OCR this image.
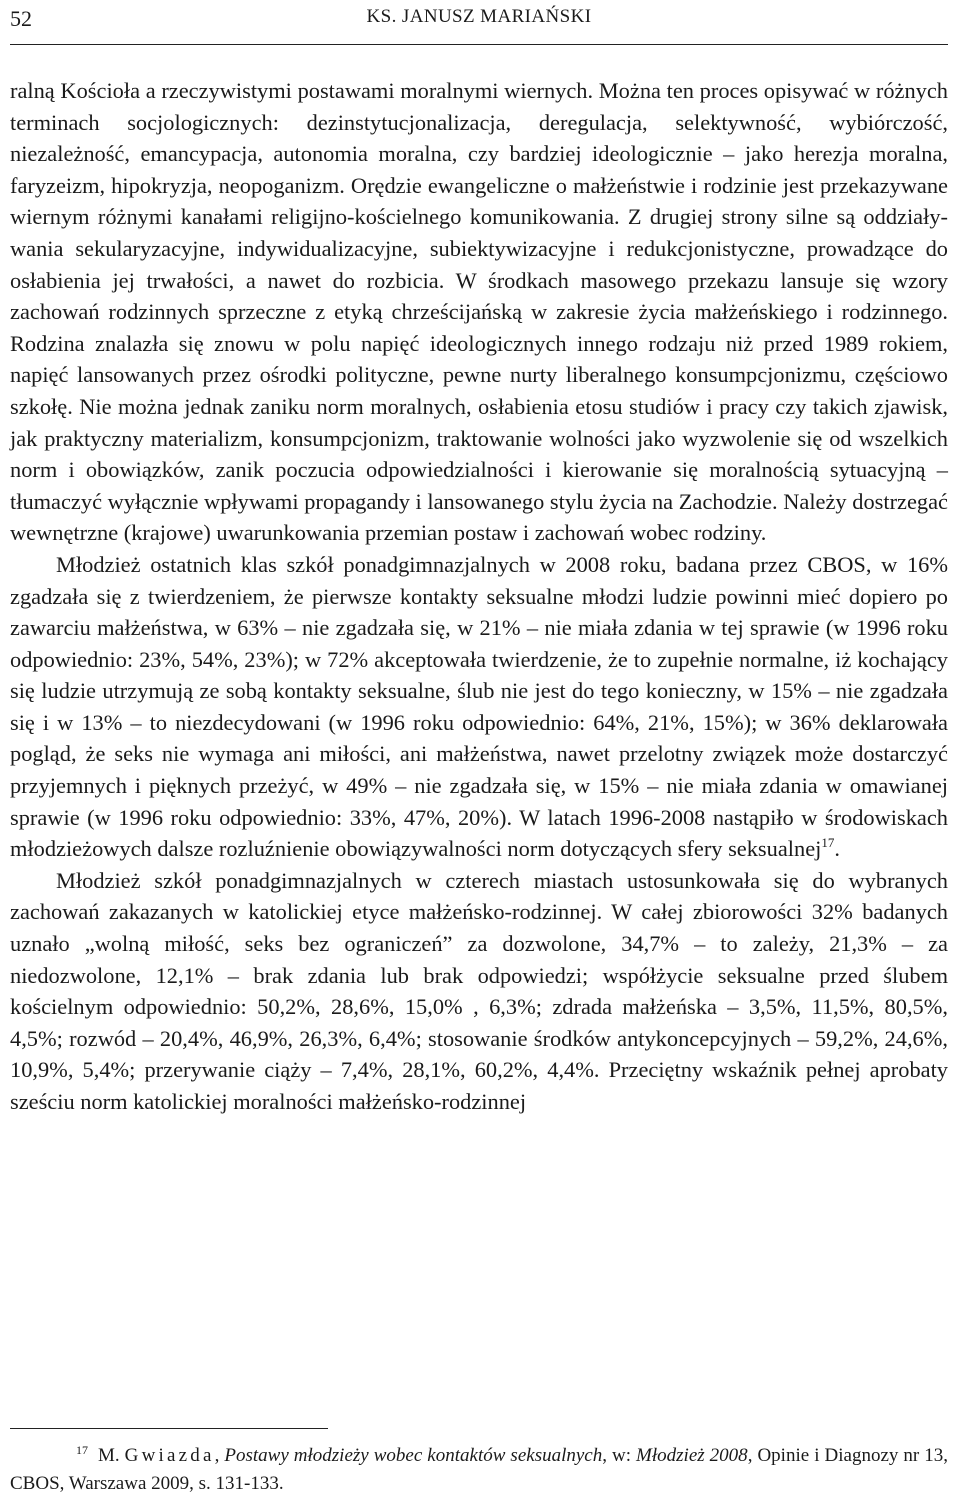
52	KS. JANUSZ MARIAŃSKI

ralną Kościoła a rzeczywistymi postawami moralnymi wiernych. Można ten proces opisywać w różnych terminach socjologicznych: dezinstytucjonalizacja, deregulacja, selektywność, wybiórczość, niezależność, emancypacja, autonomia moralna, czy bardziej ideologicznie – jako herezja moralna, faryzeizm, hipokryzja, neopoganizm. Orędzie ewangeliczne o małżeństwie i rodzinie jest przekazywane wiernym różnymi kanałami religijno-kościelnego komunikowania. Z drugiej strony silne są oddziaływania sekularyzacyjne, indywidualizacyjne, subiektywizacyjne i redukcjonistyczne, prowadzące do osłabienia jej trwałości, a nawet do rozbicia. W środkach masowego przekazu lansuje się wzory zachowań rodzinnych sprzeczne z etyką chrześcijańską w zakresie życia małżeńskiego i rodzinnego. Rodzina znalazła się znowu w polu napięć ideologicznych innego rodzaju niż przed 1989 rokiem, napięć lansowanych przez ośrodki polityczne, pewne nurty liberalnego konsumpcjonizmu, częściowo szkołę. Nie można jednak zaniku norm moralnych, osłabienia etosu studiów i pracy czy takich zjawisk, jak praktyczny materializm, konsumpcjonizm, traktowanie wolności jako wyzwolenie się od wszelkich norm i obowiązków, zanik poczucia odpowiedzialności i kierowanie się moralnością sytuacyjną – tłumaczyć wyłącznie wpływami propagandy i lansowanego stylu życia na Zachodzie. Należy dostrzegać wewnętrzne (krajowe) uwarunkowania przemian postaw i zachowań wobec rodziny.

Młodzież ostatnich klas szkół ponadgimnazjalnych w 2008 roku, badana przez CBOS, w 16% zgadzała się z twierdzeniem, że pierwsze kontakty seksualne młodzi ludzie powinni mieć dopiero po zawarciu małżeństwa, w 63% – nie zgadzała się, w 21% – nie miała zdania w tej sprawie (w 1996 roku odpowiednio: 23%, 54%, 23%); w 72% akceptowała twierdzenie, że to zupełnie normalne, iż kochający się ludzie utrzymują ze sobą kontakty seksualne, ślub nie jest do tego konieczny, w 15% – nie zgadzała się i w 13% – to niezdecydowani (w 1996 roku odpowiednio: 64%, 21%, 15%); w 36% deklarowała pogląd, że seks nie wymaga ani miłości, ani małżeństwa, nawet przelotny związek może dostarczyć przyjemnych i pięknych przeżyć, w 49% – nie zgadzała się, w 15% – nie miała zdania w omawianej sprawie (w 1996 roku odpowiednio: 33%, 47%, 20%). W latach 1996-2008 nastąpiło w środowiskach młodzieżowych dalsze rozluźnienie obowiązywalności norm dotyczących sfery seksualnej$^{17}$.

Młodzież szkół ponadgimnazjalnych w czterech miastach ustosunkowała się do wybranych zachowań zakazanych w katolickiej etyce małżeńsko-rodzinnej. W całej zbiorowości 32% badanych uznało „wolną miłość, seks bez ograniczeń” za dozwolone, 34,7% – to zależy, 21,3% – za niedozwolone, 12,1% – brak zdania lub brak odpowiedzi; współżycie seksualne przed ślubem kościelnym odpowiednio: 50,2%, 28,6%, 15,0% , 6,3%; zdrada małżeńska – 3,5%, 11,5%, 80,5%, 4,5%; rozwód – 20,4%, 46,9%, 26,3%, 6,4%; stosowanie środków antykoncepcyjnych – 59,2%, 24,6%, 10,9%, 5,4%; przerywanie ciąży – 7,4%, 28,1%, 60,2%, 4,4%. Przeciętny wskaźnik pełnej aprobaty sześciu norm katolickiej moralności małżeńsko-rodzinnej

$^{17}$ M. Gwiazda, Postawy młodzieży wobec kontaktów seksualnych, w: Młodzież 2008, Opinie i Diagnozy nr 13, CBOS, Warszawa 2009, s. 131-133.
